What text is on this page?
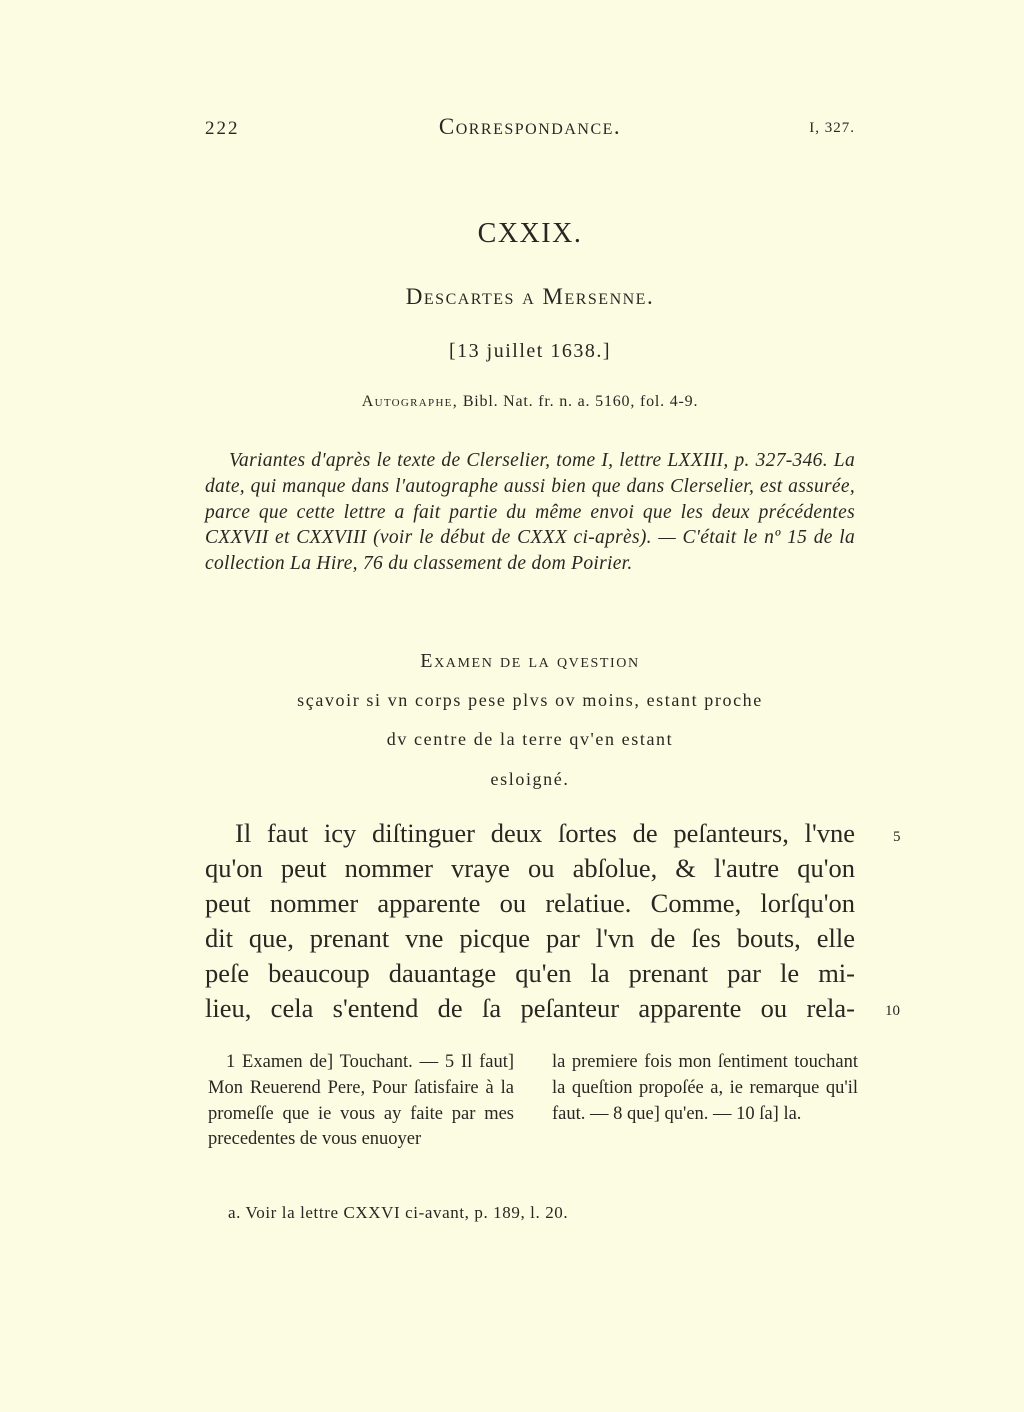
222	Correspondance.	I, 327.
CXXIX.
Descartes a Mersenne.
[13 juillet 1638.]
Autographe, Bibl. Nat. fr. n. a. 5160, fol. 4-9.

Variantes d'après le texte de Clerselier, tome I, lettre LXXIII, p. 327-346. La date, qui manque dans l'autographe aussi bien que dans Clerselier, est assurée, parce que cette lettre a fait partie du même envoi que les deux précédentes CXXVII et CXXVIII (voir le début de CXXX ci-après). — C'était le nº 15 de la collection La Hire, 76 du classement de dom Poirier.

Examen de la qvestion
sçavoir si vn corps pese plvs ov moins, estant proche
dv centre de la terre qv'en estant
esloigné.
Il faut icy diſtinguer deux ſortes de peſanteurs, l'vne
qu'on peut nommer vraye ou abſolue, & l'autre qu'on
peut nommer apparente ou relatiue. Comme, lorſqu'on
dit que, prenant vne picque par l'vn de ſes bouts, elle
peſe beaucoup dauantage qu'en la prenant par le mi-
lieu, cela s'entend de ſa peſanteur apparente ou rela-
5
10

1 Examen de] Touchant. — 5 Il faut] Mon Reuerend Pere, Pour ſatisfaire à la promeſſe que ie vous ay faite par mes precedentes de vous enuoyer

la premiere fois mon ſentiment touchant la queſtion propoſée a, ie remarque qu'il faut. — 8 que] qu'en. — 10 ſa] la.

a. Voir la lettre CXXVI ci-avant, p. 189, l. 20.
